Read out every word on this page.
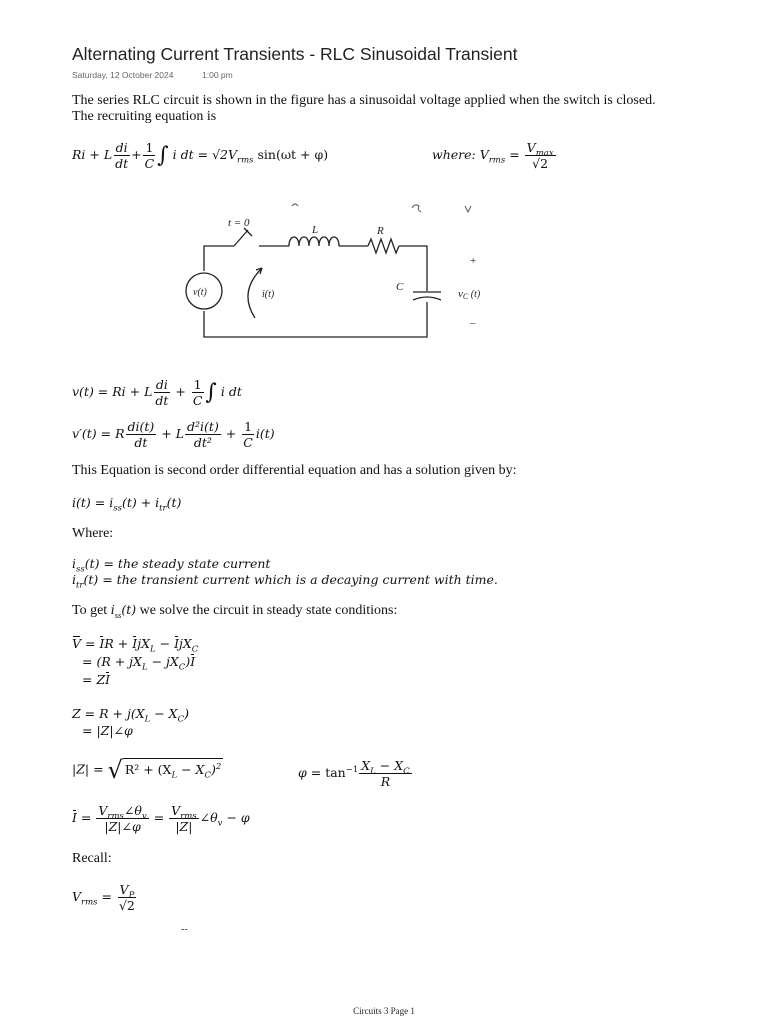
Alternating Current Transients - RLC Sinusoidal Transient
Saturday, 12 October 2024	1:00 pm
The series RLC circuit is shown in the figure has a sinusoidal voltage applied when the switch is closed. The recruiting equation is
Ri + L $\frac{di}{dt} + \frac{1}{C}$ ∫ i dt = $√2V_{rms}$ sin(ωt + φ)	where: $V_{rms} = \frac{V_{max}}{√2}$
t = 0
L	R
C
v(t)	i(t)	vC (t)
+
–
v(t) = Ri + L $\frac{di}{dt} + \frac{1}{C}$ ∫ i dt
v′(t) = R $\frac{di(t)}{dt} + L \frac{\text{d²i(t)}}{\text{dt²}} + \frac{1}{C} i(t)$
This Equation is second order differential equation and has a solution given by:
$i(t) = i_{ss}(t) + i_{tr}(t)$
Where:
$i_{ss}(t)$ = the steady state current
$i_{tr}(t)$ = the transient current which is a decaying current with time.
To get $i_{ss}(t)$ we solve the circuit in steady state conditions:
V = IR + IjX$_L$ − IjX$_C$
= $(R + jX_L - jX_C)I$
= ZI
$Z = R + j(X_L - X_C)$
= |Z|∠φ
|Z| = √ $R^2 + (X_L - X_C)^2$	$\varphi = \tan^{-1} \frac{X_L - X_C}{R}$
$I = \frac{V_{rms}\angle\theta_v}{|Z|\angle\varphi} = \frac{V_{rms}}{|Z|}$ $\angle\theta_v - \varphi$
Recall:
$V_{rms} = \frac{V_P}{√2}$
--
Circuits 3 Page 1
